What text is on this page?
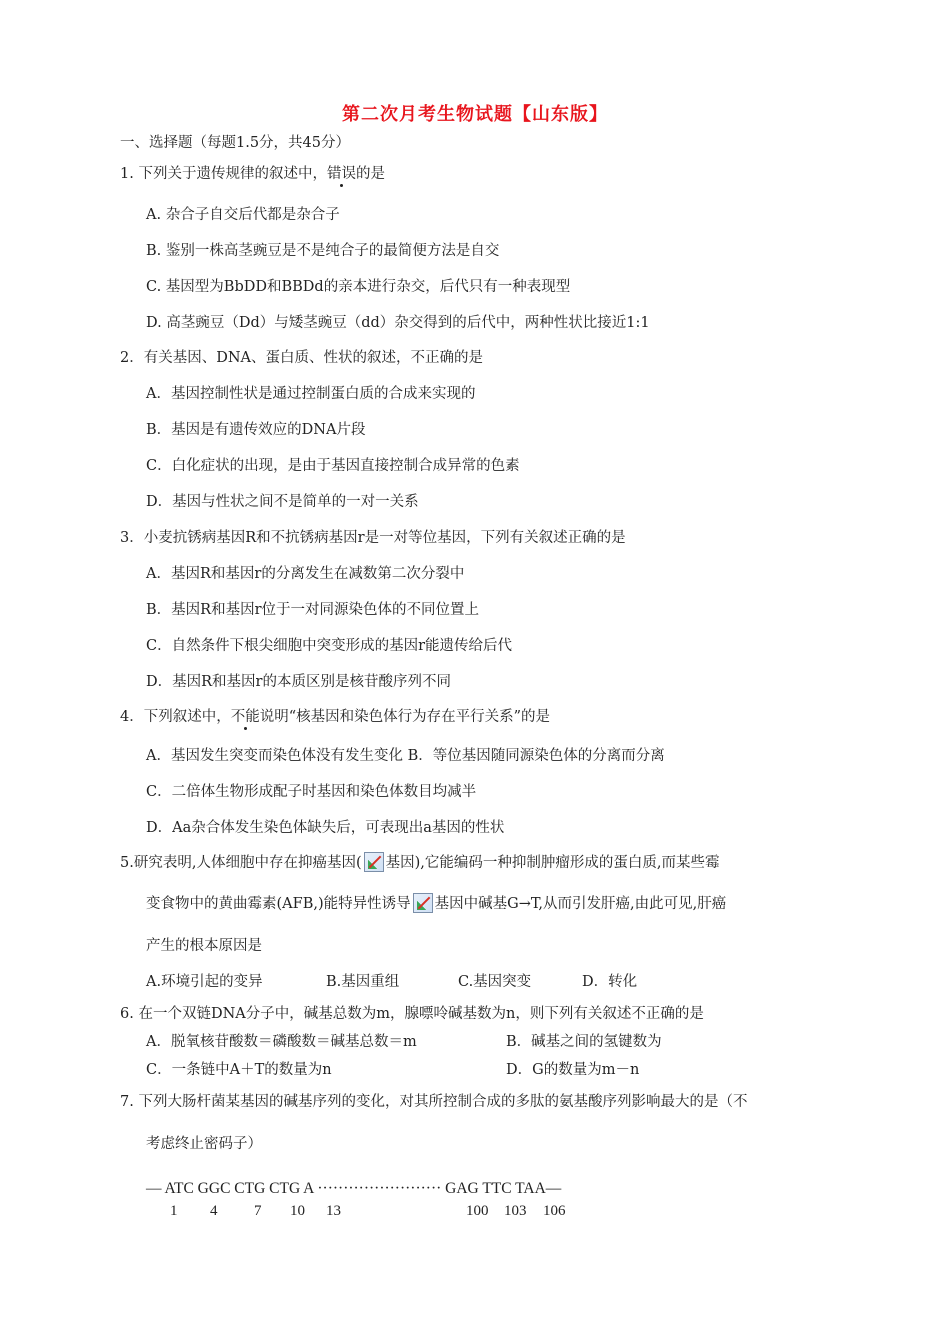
第二次月考生物试题【山东版】
一、选择题（每题1.5分，共45分）
1. 下列关于遗传规律的叙述中，错误的是
A. 杂合子自交后代都是杂合子
B. 鉴别一株高茎豌豆是不是纯合子的最简便方法是自交
C. 基因型为BbDD和BBDd的亲本进行杂交，后代只有一种表现型
D. 高茎豌豆（Dd）与矮茎豌豆（dd）杂交得到的后代中，两种性状比接近1:1
2．有关基因、DNA、蛋白质、性状的叙述，不正确的是
A．基因控制性状是通过控制蛋白质的合成来实现的
B．基因是有遗传效应的DNA片段
C．白化症状的出现，是由于基因直接控制合成异常的色素
D．基因与性状之间不是简单的一对一关系
3．小麦抗锈病基因R和不抗锈病基因r是一对等位基因，下列有关叙述正确的是
A．基因R和基因r的分离发生在减数第二次分裂中
B．基因R和基因r位于一对同源染色体的不同位置上
C．自然条件下根尖细胞中突变形成的基因r能遗传给后代
D．基因R和基因r的本质区别是核苷酸序列不同
4．下列叙述中，不能说明“核基因和染色体行为存在平行关系”的是
A．基因发生突变而染色体没有发生变化 B．等位基因随同源染色体的分离而分离
C．二倍体生物形成配子时基因和染色体数目均减半
D．Aa杂合体发生染色体缺失后，可表现出a基因的性状
5.研究表明,人体细胞中存在抑癌基因( 基因),它能编码一种抑制肿瘤形成的蛋白质,而某些霉
变食物中的黄曲霉素(AFB,)能特异性诱导 基因中碱基G→T,从而引发肝癌,由此可见,肝癌
产生的根本原因是
A.环境引起的变异	B.基因重组	C.基因突变	D．转化
6. 在一个双链DNA分子中，碱基总数为m，腺嘌呤碱基数为n，则下列有关叙述不正确的是
A．脱氧核苷酸数＝磷酸数＝碱基总数＝m	B．碱基之间的氢键数为
C．一条链中A＋T的数量为n	D．G的数量为m－n
7. 下列大肠杆菌某基因的碱基序列的变化，对其所控制合成的多肽的氨基酸序列影响最大的是（不
考虑终止密码子）
— ATC GGC CTG CTG A ························ GAG TTC TAA—
1 4 7 10 13	100 103 106
